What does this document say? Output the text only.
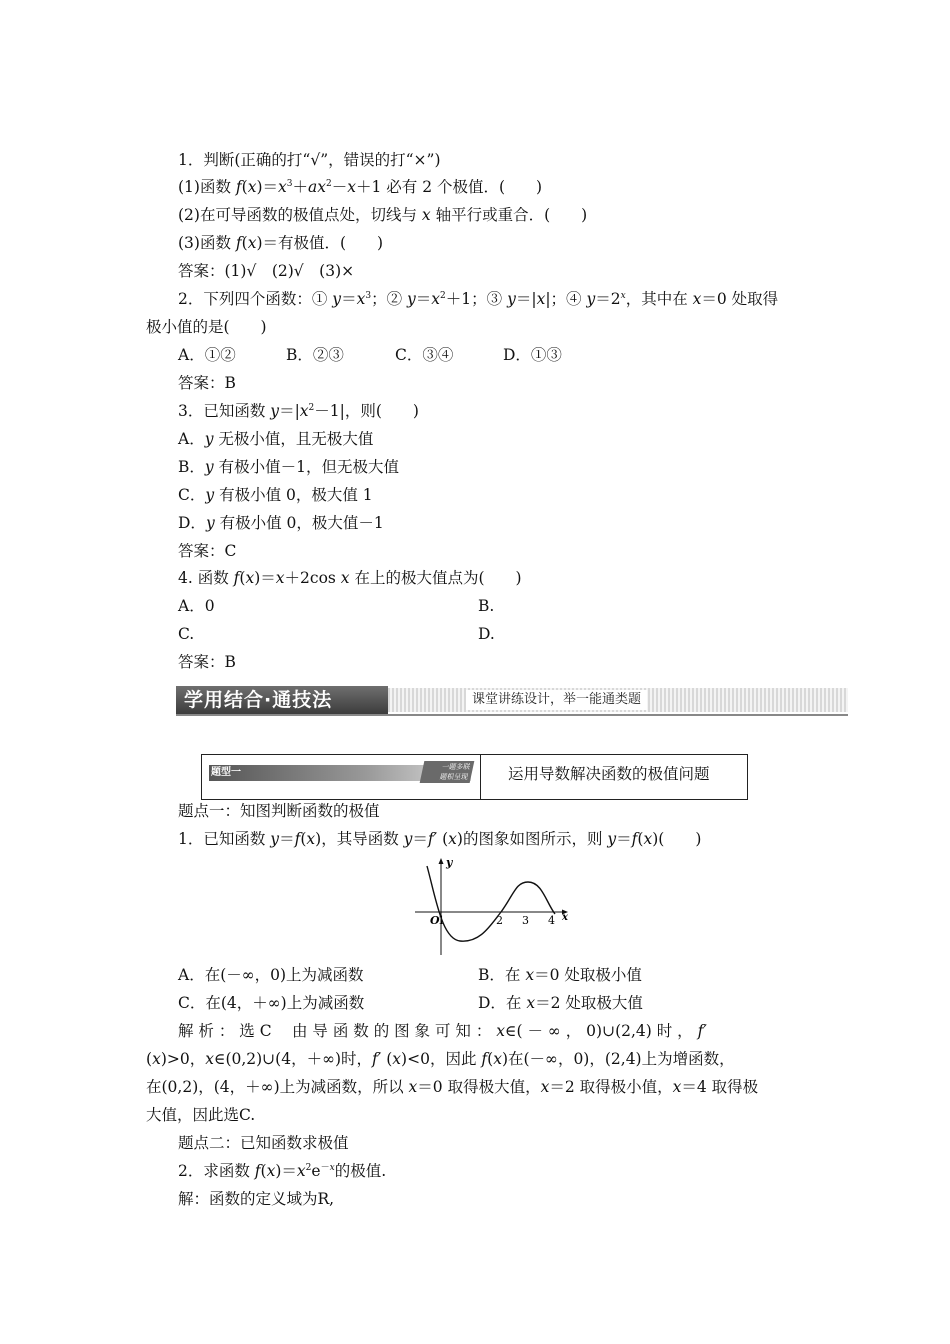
1．判断(正确的打“√”，错误的打“×”)
(1)函数 $f(x)=x^3+ax^2-x+1$ 必有 2 个极值．(　　)
(2)在可导函数的极值点处，切线与 x 轴平行或重合．(　　)
(3)函数 f(x)＝有极值．(　　)
答案：(1)√　(2)√　(3)×
2．下列四个函数：① $y=x^3$；② $y=x^2+1$；③ y＝|x|；④ $y=2^x$，其中在 x＝0 处取得
极小值的是(　　)
A．①②	B．②③	C．③④	D．①③
答案：B
3．已知函数 $y=|x^2-1|$，则(　　)
A．y 无极小值，且无极大值
B．y 有极小值－1，但无极大值
C．y 有极小值 0，极大值 1
D．y 有极小值 0，极大值－1
答案：C
4. 函数 f(x)＝x＋2cos x 在上的极大值点为(　　)
A．0	B.
C.	D.
答案：B
学用结合·通技法	课堂讲练设计，举一能通类题
题型一	一题多联
题根呈现	运用导数解决函数的极值问题
题点一：知图判断函数的极值
1．已知函数 y＝f(x)，其导函数 y＝f′ (x)的图象如图所示，则 y＝f(x)(　　)
y
x
O
1	2 3 4
A．在(－∞，0)上为减函数	B．在 x＝0 处取极小值
C．在(4，＋∞)上为减函数	D．在 x＝2 处取极大值
解 析 ： 选 C　 由 导 函 数 的 图 象 可 知 ： x∈( － ∞ ， 0)∪(2,4) 时 ， f′
(x)>0，x∈(0,2)∪(4，＋∞)时，f′ (x)<0，因此 f(x)在(－∞，0)，(2,4)上为增函数，
在(0,2)，(4，＋∞)上为减函数，所以 x＝0 取得极大值，x＝2 取得极小值，x＝4 取得极
大值，因此选C.
题点二：已知函数求极值
2．求函数 $f(x)=x^2e^{-x}$的极值.
解：函数的定义域为R,
